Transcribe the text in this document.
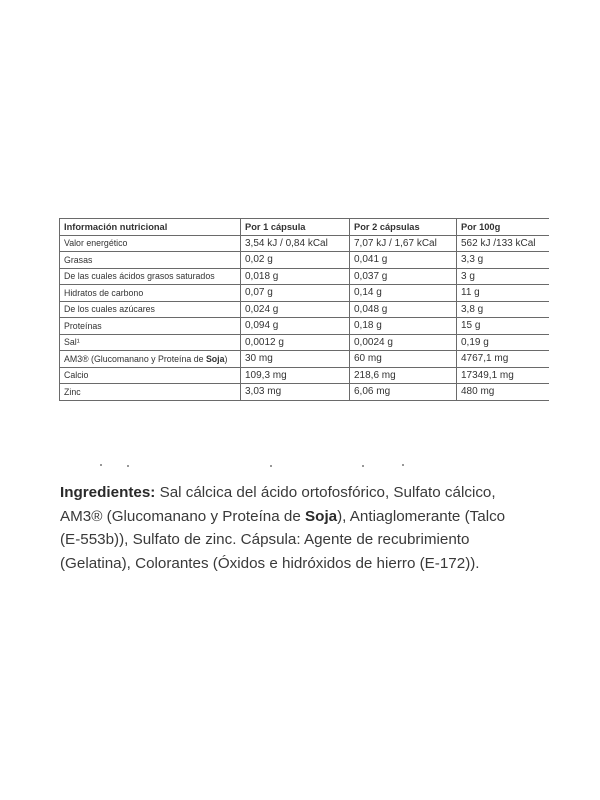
Información nutricional	Por 1 cápsula	Por 2 cápsulas	Por 100g
Valor energético	3,54 kJ / 0,84 kCal	7,07 kJ / 1,67 kCal	562 kJ /133 kCal
Grasas	0,02 g	0,041 g	3,3 g
De las cuales ácidos grasos saturados	0,018 g	0,037 g	3 g
Hidratos de carbono	0,07 g	0,14 g	11 g
De los cuales azúcares	0,024 g	0,048 g	3,8 g
Proteínas	0,094 g	0,18 g	15 g
Sal¹	0,0012 g	0,0024 g	0,19 g
AM3® (Glucomanano y Proteína de Soja)	30 mg	60 mg	4767,1 mg
Calcio	109,3 mg	218,6 mg	17349,1 mg
Zinc	3,03 mg	6,06 mg	480 mg

Ingredientes: Sal cálcica del ácido ortofosfórico, Sulfato cálcico,
AM3® (Glucomanano y Proteína de Soja), Antiaglomerante (Talco
(E-553b)), Sulfato de zinc. Cápsula: Agente de recubrimiento
(Gelatina), Colorantes (Óxidos e hidróxidos de hierro (E-172)).
